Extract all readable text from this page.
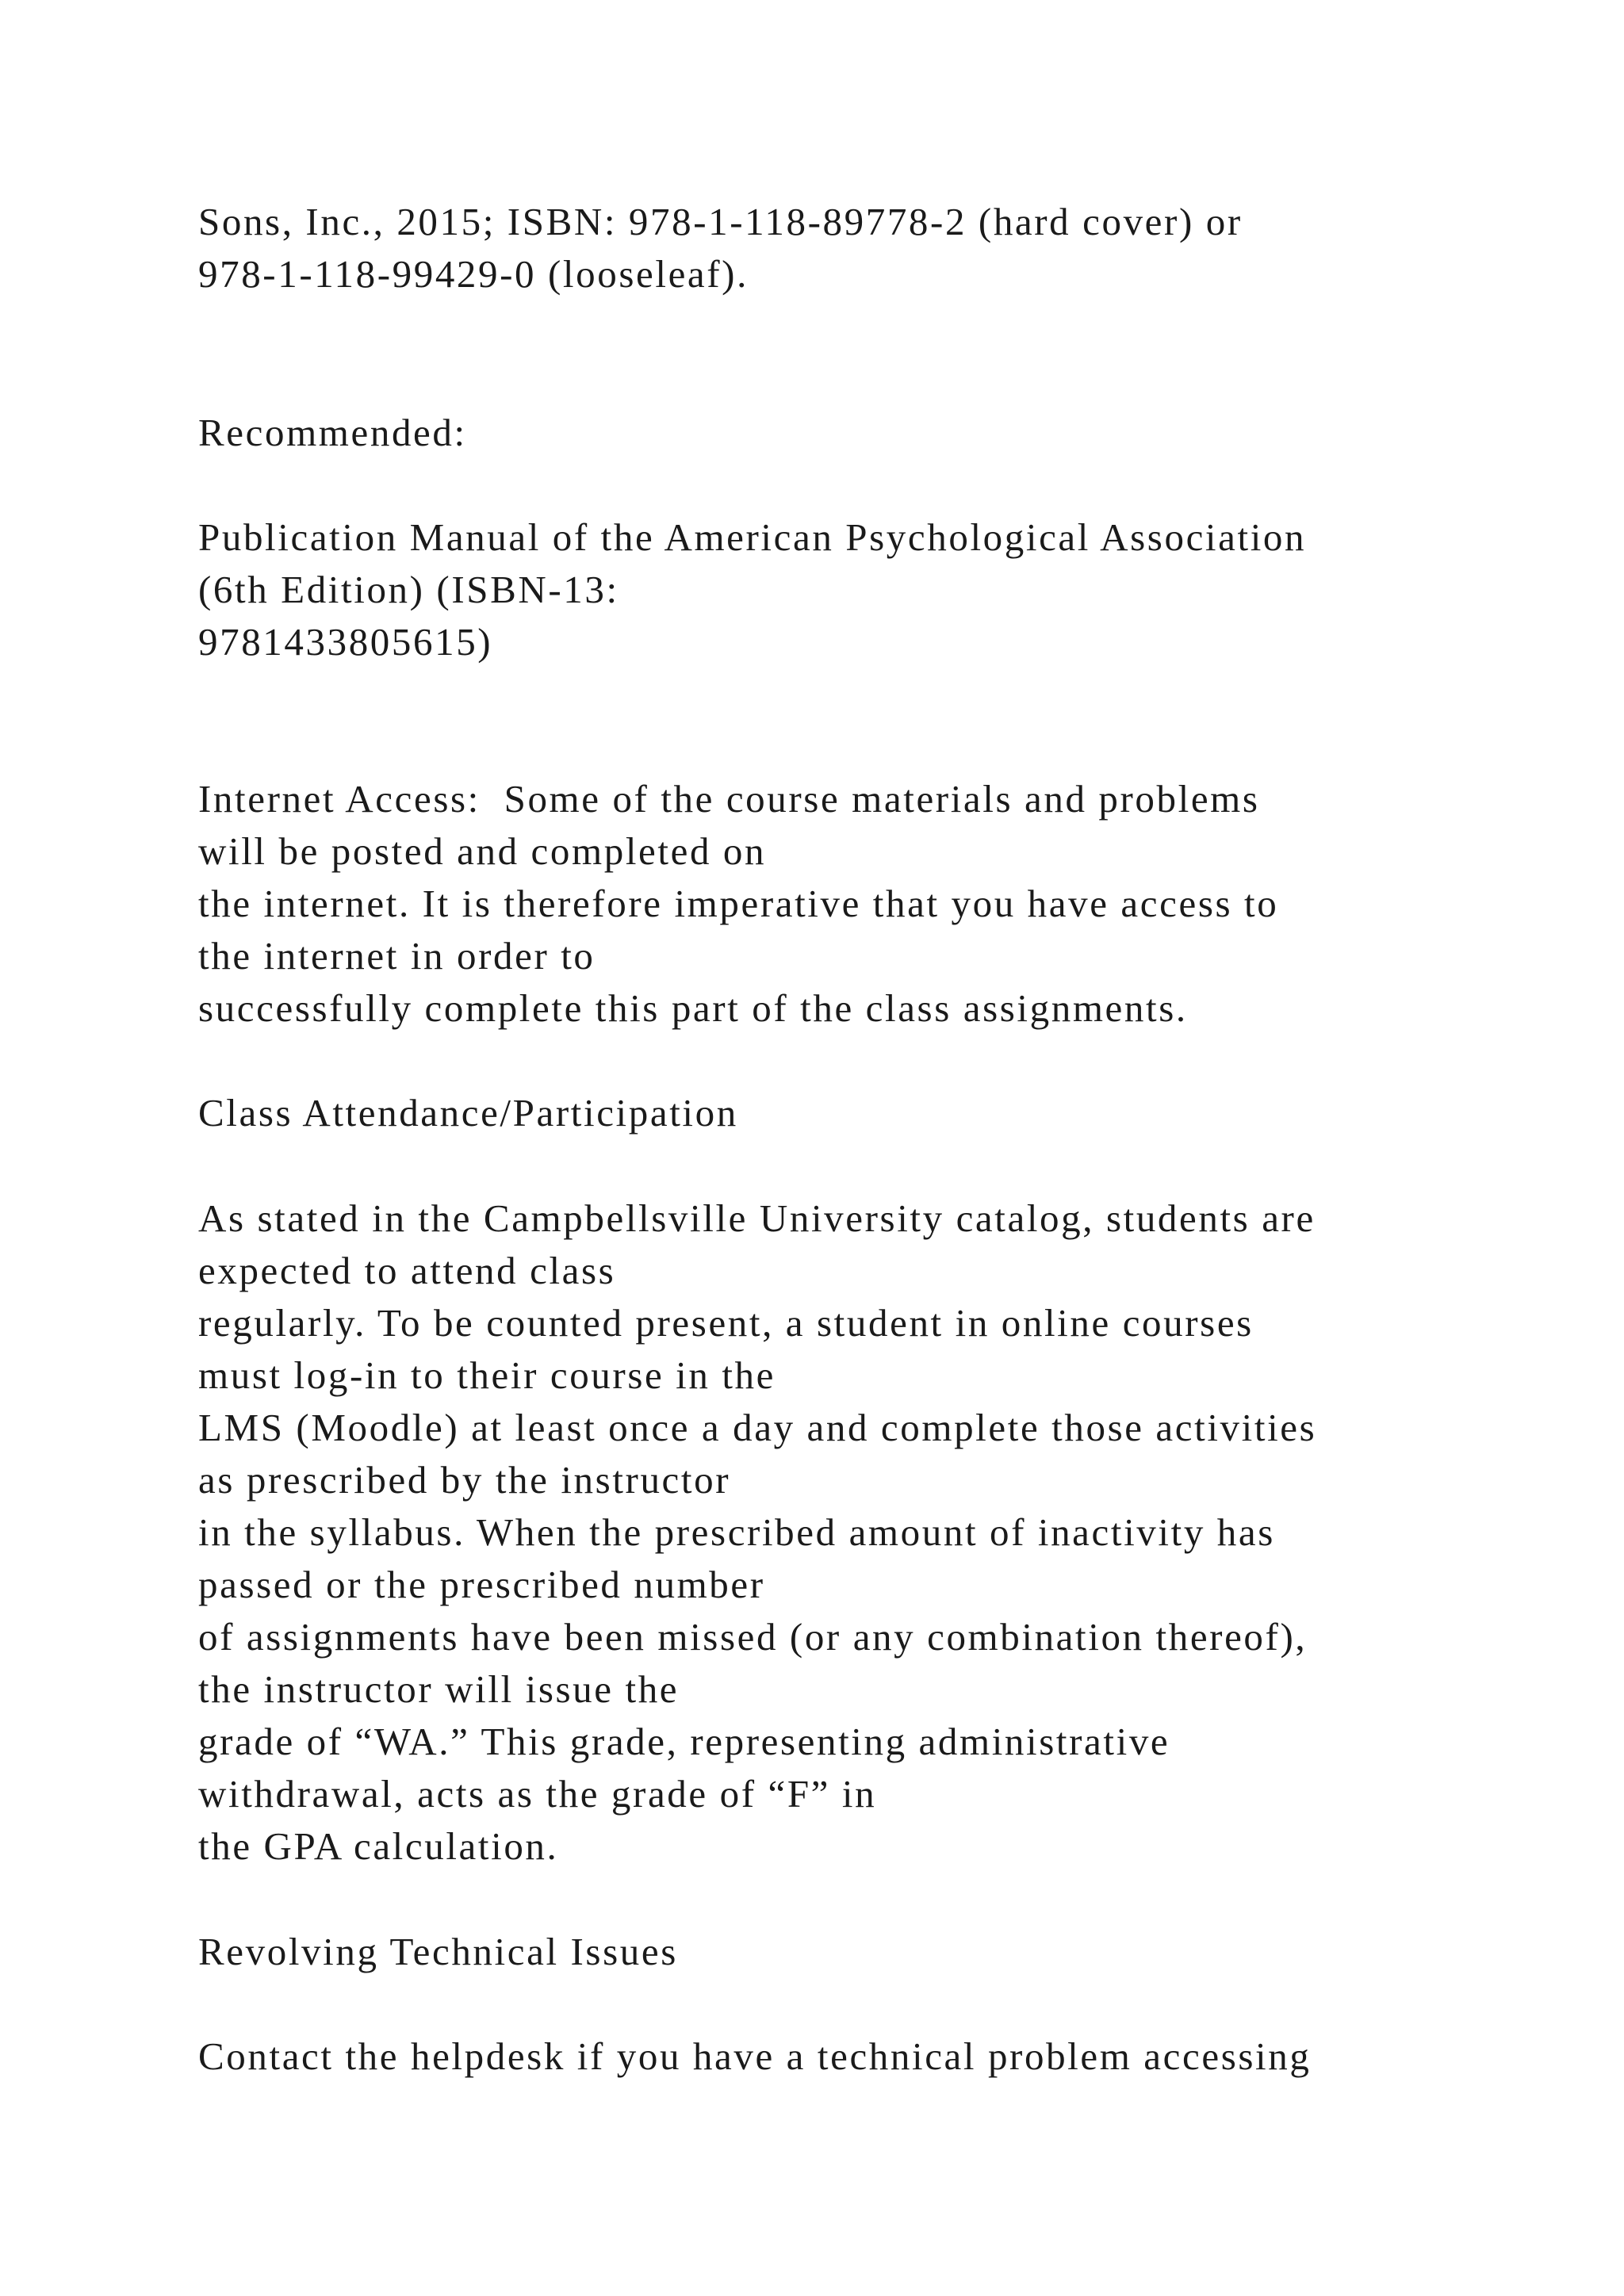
Sons, Inc., 2015; ISBN: 978-1-118-89778-2 (hard cover) or

978-1-118-99429-0 (looseleaf).

Recommended:

Publication Manual of the American Psychological Association

(6th Edition) (ISBN-13:

9781433805615)

Internet Access:  Some of the course materials and problems

will be posted and completed on

the internet. It is therefore imperative that you have access to

the internet in order to

successfully complete this part of the class assignments.

Class Attendance/Participation

As stated in the Campbellsville University catalog, students are

expected to attend class

regularly. To be counted present, a student in online courses

must log-in to their course in the

LMS (Moodle) at least once a day and complete those activities

as prescribed by the instructor

in the syllabus. When the prescribed amount of inactivity has

passed or the prescribed number

of assignments have been missed (or any combination thereof),

the instructor will issue the

grade of “WA.” This grade, representing administrative

withdrawal, acts as the grade of “F” in

the GPA calculation.

Revolving Technical Issues

Contact the helpdesk if you have a technical problem accessing
